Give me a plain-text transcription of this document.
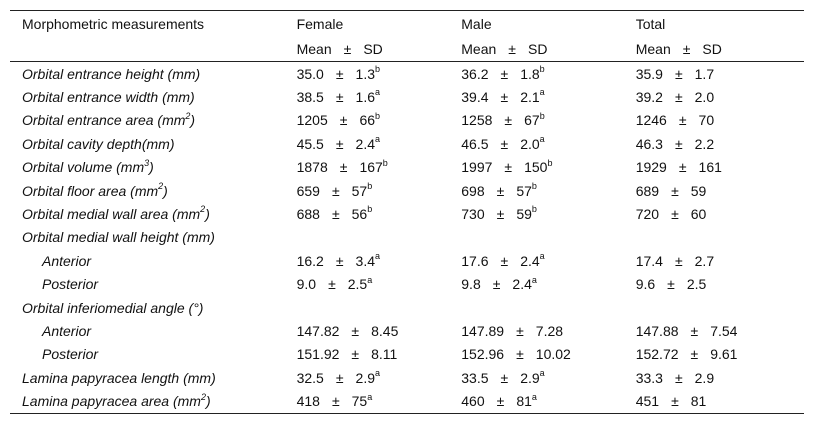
Morphometric measurements	Female	Male	Total
	Mean ± SD	Mean ± SD	Mean ± SD
Orbital entrance height (mm)	35.0 ± 1.3$^b$	36.2 ± 1.8$^b$	35.9 ± 1.7
Orbital entrance width (mm)	38.5 ± 1.6$^a$	39.4 ± 2.1$^a$	39.2 ± 2.0
Orbital entrance area $(mm^2)$	$1205 \pm 66^b$	$1258 \pm 67^b$	1246 ± 70
Orbital cavity depth(mm)	45.5 ± 2.4$^a$	46.5 ± 2.0$^a$	46.3 ± 2.2
Orbital volume $(mm^3)$	$1878 \pm 167^b$	$1997 \pm 150^b$	1929 ± 161
Orbital floor area $(mm^2)$	$659 \pm 57^b$	$698 \pm 57^b$	689 ± 59
Orbital medial wall area $(mm^2)$	$688 \pm 56^b$	$730 \pm 59^b$	720 ± 60
Orbital medial wall height (mm)			
Anterior	16.2 ± 3.4$^a$	17.6 ± 2.4$^a$	17.4 ± 2.7
Posterior	9.0 ± 2.5$^a$	9.8 ± 2.4$^a$	9.6 ± 2.5
Orbital inferiomedial angle (°)			
Anterior	147.82 ± 8.45	147.89 ± 7.28	147.88 ± 7.54
Posterior	151.92 ± 8.11	152.96 ± 10.02	152.72 ± 9.61
Lamina papyracea length (mm)	32.5 ± 2.9$^a$	33.5 ± 2.9$^a$	33.3 ± 2.9
Lamina papyracea area $(mm^2)$	$418 \pm 75^a$	$460 \pm 81^a$	451 ± 81
